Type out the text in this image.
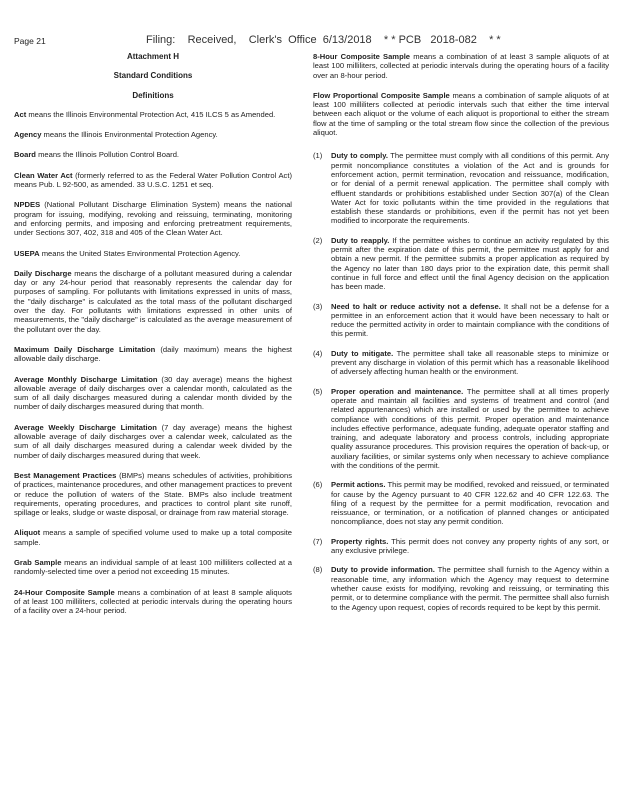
Page 21	Filing:    Received,    Clerk's  Office  6/13/2018    * * PCB   2018-082    * *
Attachment H
Standard Conditions
Definitions

Act means the Illinois Environmental Protection Act, 415 ILCS 5 as Amended.

Agency means the Illinois Environmental Protection Agency.

Board means the Illinois Pollution Control Board.

Clean Water Act (formerly referred to as the Federal Water Pollution Control Act) means Pub. L 92-500, as amended. 33 U.S.C. 1251 et seq.

NPDES (National Pollutant Discharge Elimination System) means the national program for issuing, modifying, revoking and reissuing, terminating, monitoring and enforcing permits, and imposing and enforcing pretreatment requirements, under Sections 307, 402, 318 and 405 of the Clean Water Act.

USEPA means the United States Environmental Protection Agency.

Daily Discharge means the discharge of a pollutant measured during a calendar day or any 24-hour period that reasonably represents the calendar day for purposes of sampling. For pollutants with limitations expressed in units of mass, the "daily discharge" is calculated as the total mass of the pollutant discharged over the day. For pollutants with limitations expressed in other units of measurements, the "daily discharge" is calculated as the average measurement of the pollutant over the day.

Maximum Daily Discharge Limitation (daily maximum) means the highest allowable daily discharge.

Average Monthly Discharge Limitation (30 day average) means the highest allowable average of daily discharges over a calendar month, calculated as the sum of all daily discharges measured during a calendar month divided by the number of daily discharges measured during that month.

Average Weekly Discharge Limitation (7 day average) means the highest allowable average of daily discharges over a calendar week, calculated as the sum of all daily discharges measured during a calendar week divided by the number of daily discharges measured during that week.

Best Management Practices (BMPs) means schedules of activities, prohibitions of practices, maintenance procedures, and other management practices to prevent or reduce the pollution of waters of the State. BMPs also include treatment requirements, operating procedures, and practices to control plant site runoff, spillage or leaks, sludge or waste disposal, or drainage from raw material storage.

Aliquot means a sample of specified volume used to make up a total composite sample.

Grab Sample means an individual sample of at least 100 milliliters collected at a randomly-selected time over a period not exceeding 15 minutes.

24-Hour Composite Sample means a combination of at least 8 sample aliquots of at least 100 milliliters, collected at periodic intervals during the operating hours of a facility over a 24-hour period.

8-Hour Composite Sample means a combination of at least 3 sample aliquots of at least 100 milliliters, collected at periodic intervals during the operating hours of a facility over an 8-hour period.

Flow Proportional Composite Sample means a combination of sample aliquots of at least 100 milliliters collected at periodic intervals such that either the time interval between each aliquot or the volume of each aliquot is proportional to either the stream flow at the time of sampling or the total stream flow since the collection of the previous aliquot.

(1) Duty to comply. The permittee must comply with all conditions of this permit. Any permit noncompliance constitutes a violation of the Act and is grounds for enforcement action, permit termination, revocation and reissuance, modification, or for denial of a permit renewal application. The permittee shall comply with effluent standards or prohibitions established under Section 307(a) of the Clean Water Act for toxic pollutants within the time provided in the regulations that establish these standards or prohibitions, even if the permit has not yet been modified to incorporate the requirements.
(2) Duty to reapply. If the permittee wishes to continue an activity regulated by this permit after the expiration date of this permit, the permittee must apply for and obtain a new permit. If the permittee submits a proper application as required by the Agency no later than 180 days prior to the expiration date, this permit shall continue in full force and effect until the final Agency decision on the application has been made.
(3) Need to halt or reduce activity not a defense. It shall not be a defense for a permittee in an enforcement action that it would have been necessary to halt or reduce the permitted activity in order to maintain compliance with the conditions of this permit.
(4) Duty to mitigate. The permittee shall take all reasonable steps to minimize or prevent any discharge in violation of this permit which has a reasonable likelihood of adversely affecting human health or the environment.
(5) Proper operation and maintenance. The permittee shall at all times properly operate and maintain all facilities and systems of treatment and control (and related appurtenances) which are installed or used by the permittee to achieve compliance with conditions of this permit. Proper operation and maintenance includes effective performance, adequate funding, adequate operator staffing and training, and adequate laboratory and process controls, including appropriate quality assurance procedures. This provision requires the operation of back-up, or auxiliary facilities, or similar systems only when necessary to achieve compliance with the conditions of the permit.
(6) Permit actions. This permit may be modified, revoked and reissued, or terminated for cause by the Agency pursuant to 40 CFR 122.62 and 40 CFR 122.63. The filing of a request by the permittee for a permit modification, revocation and reissuance, or termination, or a notification of planned changes or anticipated noncompliance, does not stay any permit condition.
(7) Property rights. This permit does not convey any property rights of any sort, or any exclusive privilege.
(8) Duty to provide information. The permittee shall furnish to the Agency within a reasonable time, any information which the Agency may request to determine whether cause exists for modifying, revoking and reissuing, or terminating this permit, or to determine compliance with the permit. The permittee shall also furnish to the Agency upon request, copies of records required to be kept by this permit.
